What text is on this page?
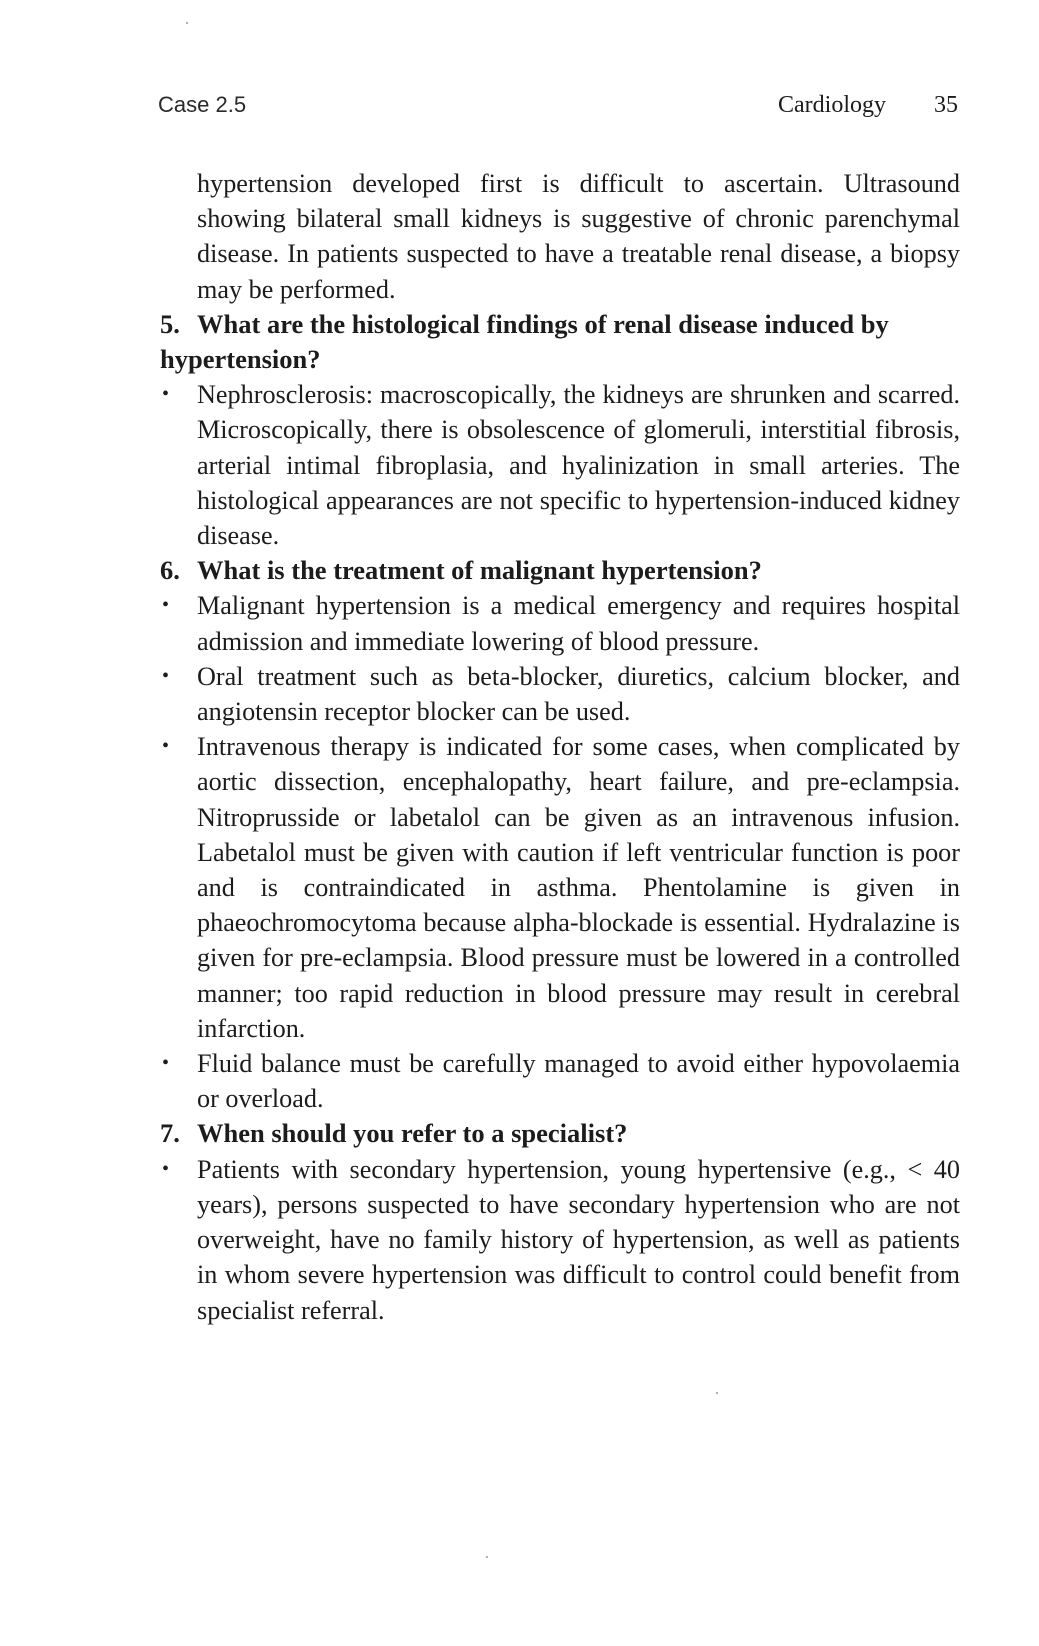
Case 2.5	Cardiology 35

hypertension developed first is difficult to ascertain. Ultrasound showing bilateral small kidneys is suggestive of chronic parenchymal disease. In patients suspected to have a treatable renal disease, a biopsy may be performed.

5. What are the histological findings of renal disease induced by hypertension?

• Nephrosclerosis: macroscopically, the kidneys are shrunken and scarred. Microscopically, there is obsolescence of glomeruli, interstitial fibrosis, arterial intimal fibroplasia, and hyalinization in small arteries. The histological appearances are not specific to hypertension-induced kidney disease.

6. What is the treatment of malignant hypertension?

• Malignant hypertension is a medical emergency and requires hospital admission and immediate lowering of blood pressure.

• Oral treatment such as beta-blocker, diuretics, calcium blocker, and angiotensin receptor blocker can be used.

• Intravenous therapy is indicated for some cases, when complicated by aortic dissection, encephalopathy, heart failure, and pre-eclampsia. Nitroprusside or labetalol can be given as an intravenous infusion. Labetalol must be given with caution if left ventricular function is poor and is contraindicated in asthma. Phentolamine is given in phaeochromocytoma because alpha-blockade is essential. Hydralazine is given for pre-eclampsia. Blood pressure must be lowered in a controlled manner; too rapid reduction in blood pressure may result in cerebral infarction.

• Fluid balance must be carefully managed to avoid either hypovolaemia or overload.

7. When should you refer to a specialist?

• Patients with secondary hypertension, young hypertensive (e.g., < 40 years), persons suspected to have secondary hypertension who are not overweight, have no family history of hypertension, as well as patients in whom severe hypertension was difficult to control could benefit from specialist referral.
